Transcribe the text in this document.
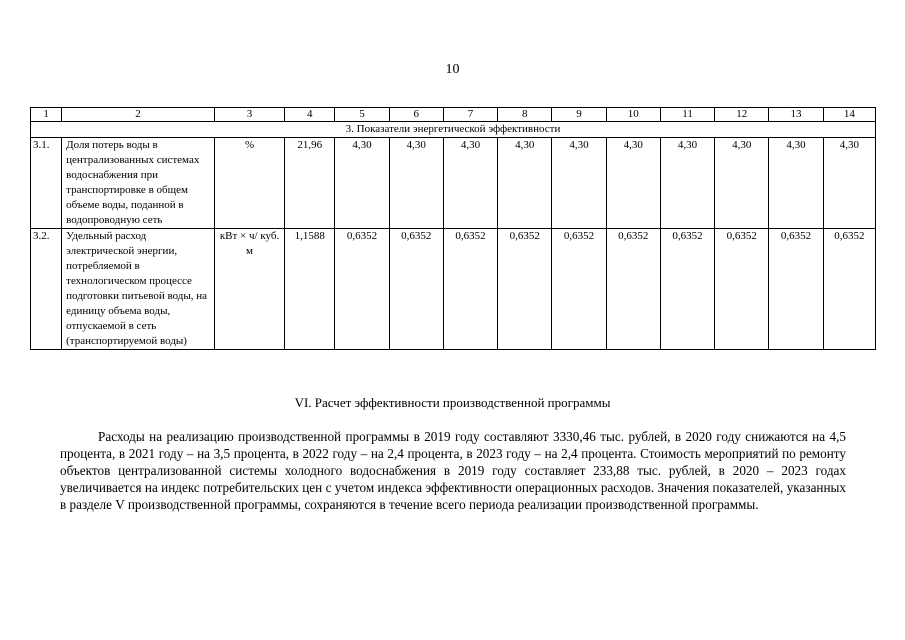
10
1	2	3	4	5	6	7	8	9	10	11	12	13	14
3. Показатели энергетической эффективности													
3.1.	Доля потерь воды в централизованных системах водоснабжения при транспортировке в общем объеме воды, поданной в водопроводную сеть	%	21,96	4,30	4,30	4,30	4,30	4,30	4,30	4,30	4,30	4,30	4,30
3.2.	Удельный расход электрической энергии, потребляемой в технологическом процессе подготовки питьевой воды, на единицу объема воды, отпускаемой в сеть (транспортируемой воды)	кВт × ч/ куб. м	1,1588	0,6352	0,6352	0,6352	0,6352	0,6352	0,6352	0,6352	0,6352	0,6352	0,6352
VI. Расчет эффективности производственной программы

Расходы на реализацию производственной программы в 2019 году составляют 3330,46 тыс. рублей, в 2020 году снижаются на 4,5 процента, в 2021 году – на 3,5 процента, в 2022 году – на 2,4 процента, в 2023 году – на 2,4 процента. Стоимость мероприятий по ремонту объектов централизованной системы холодного водоснабжения в 2019 году составляет 233,88 тыс. рублей, в 2020 – 2023 годах увеличивается на индекс потребительских цен с учетом индекса эффективности операционных расходов. Значения показателей, указанных в разделе V производственной программы, сохраняются в течение всего периода реализации производственной программы.
